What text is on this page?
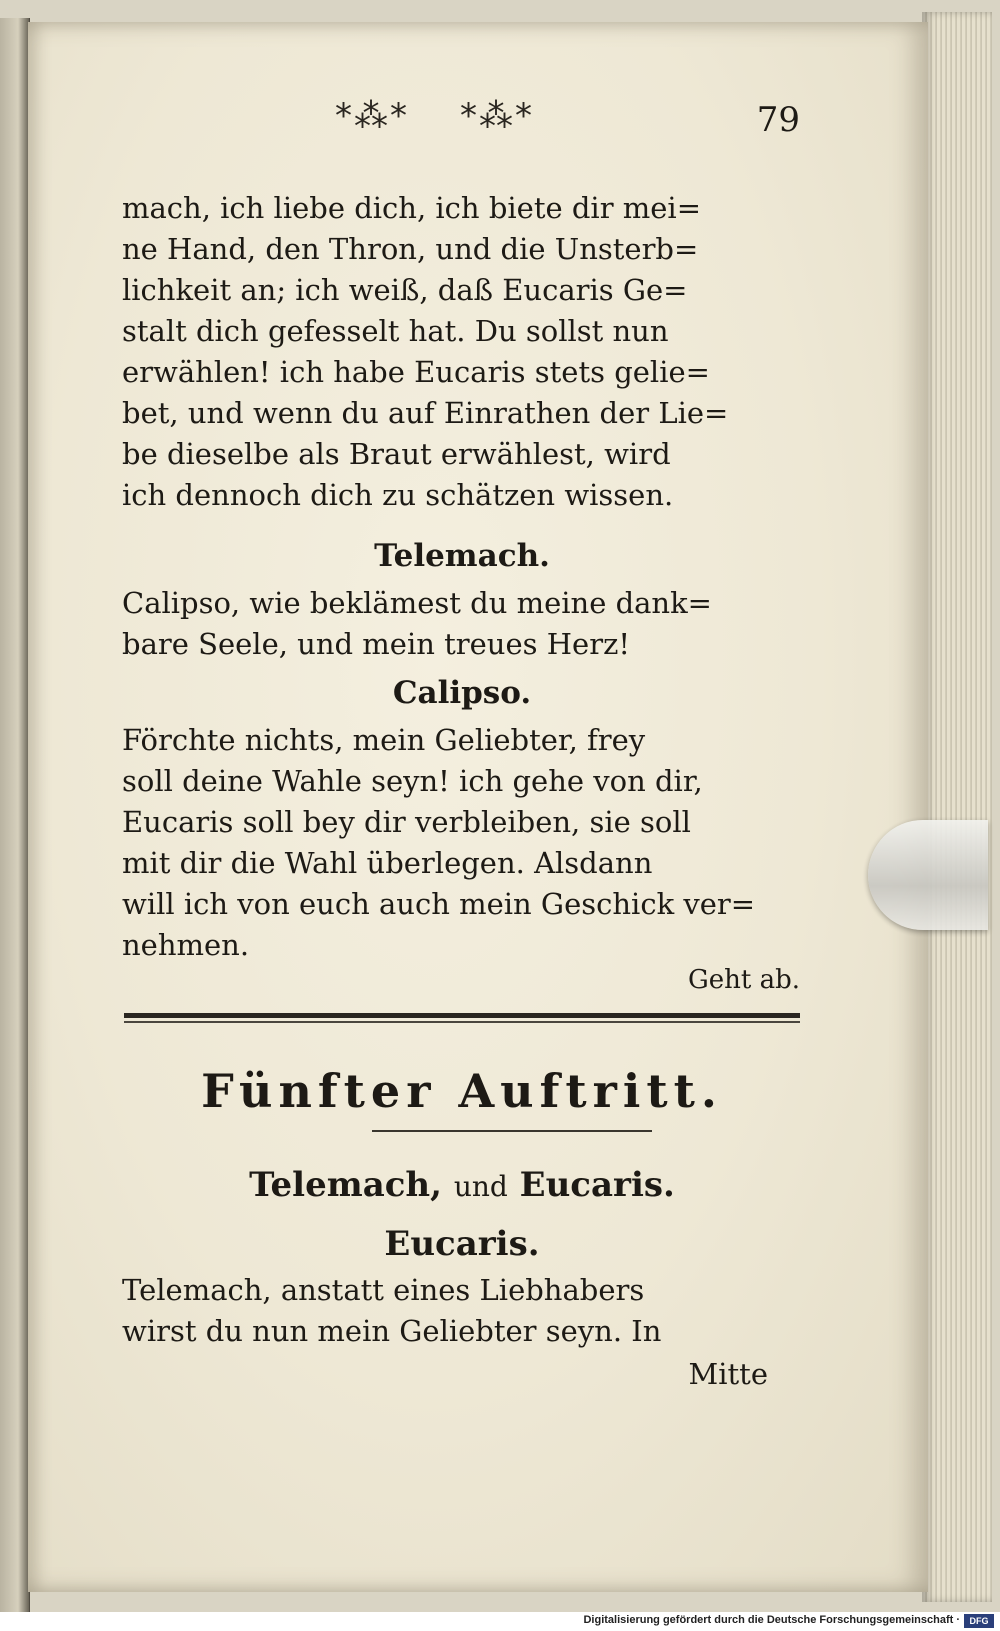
*⁂* *⁂*	79
mach, ich liebe dich, ich biete dir mei=
ne Hand, den Thron, und die Unsterb=
lichkeit an; ich weiß, daß Eucaris Ge=
stalt dich gefesselt hat. Du sollst nun
erwählen! ich habe Eucaris stets gelie=
bet, und wenn du auf Einrathen der Lie=
be dieselbe als Braut erwählest, wird
ich dennoch dich zu schätzen wissen.

Telemach.

Calipso, wie beklämest du meine dank=
bare Seele, und mein treues Herz!

Calipso.

Förchte nichts, mein Geliebter, frey
soll deine Wahle seyn! ich gehe von dir,
Eucaris soll bey dir verbleiben, sie soll
mit dir die Wahl überlegen. Alsdann
will ich von euch auch mein Geschick ver=
nehmen.
Geht ab.
Fünfter Auftritt.

Telemach, und Eucaris.

Eucaris.

Telemach, anstatt eines Liebhabers
wirst du nun mein Geliebter seyn. In
Mitte
Digitalisierung gefördert durch die Deutsche Forschungsgemeinschaft ·	DFG
